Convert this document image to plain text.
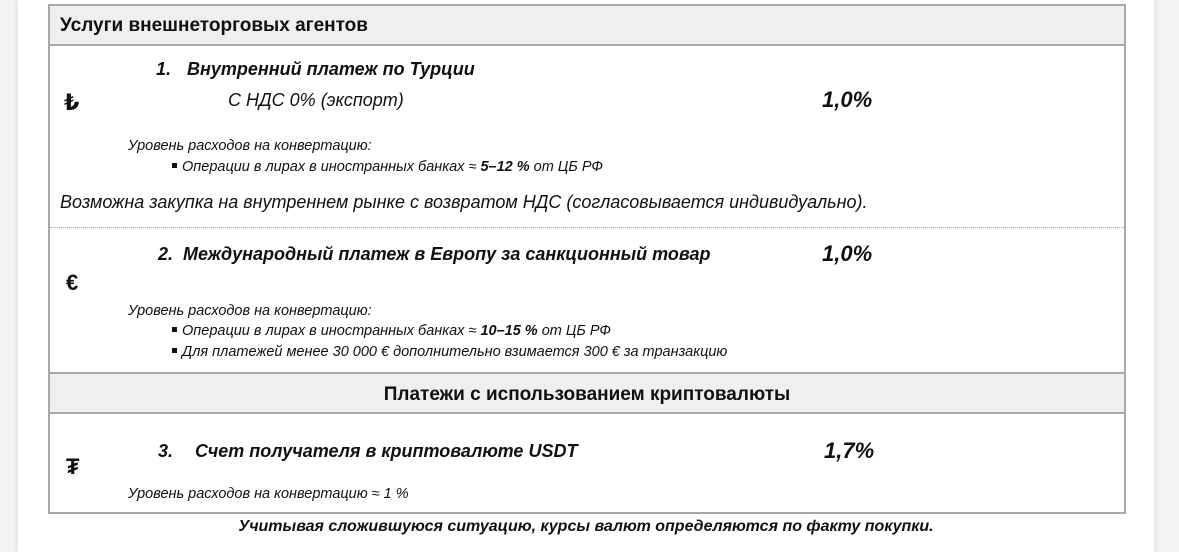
Услуги внешнеторговых агентов
₺
1. Внутренний платеж по Турции
С НДС 0% (экспорт)	1,0%
Уровень расходов на конвертацию:
Операции в лирах в иностранных банках ≈ 5–12 % от ЦБ РФ
Возможна закупка на внутреннем рынке с возвратом НДС (согласовывается индивидуально).
€
2. Международный платеж в Европу за санкционный товар	1,0%
Уровень расходов на конвертацию:
Операции в лирах в иностранных банках ≈ 10–15 % от ЦБ РФ
Для платежей менее 30 000 € дополнительно взимается 300 € за транзакцию
Платежи с использованием криптовалюты
₮
3. Счет получателя в криптовалюте USDT	1,7%
Уровень расходов на конвертацию ≈ 1 %
Учитывая сложившуюся ситуацию, курсы валют определяются по факту покупки.
